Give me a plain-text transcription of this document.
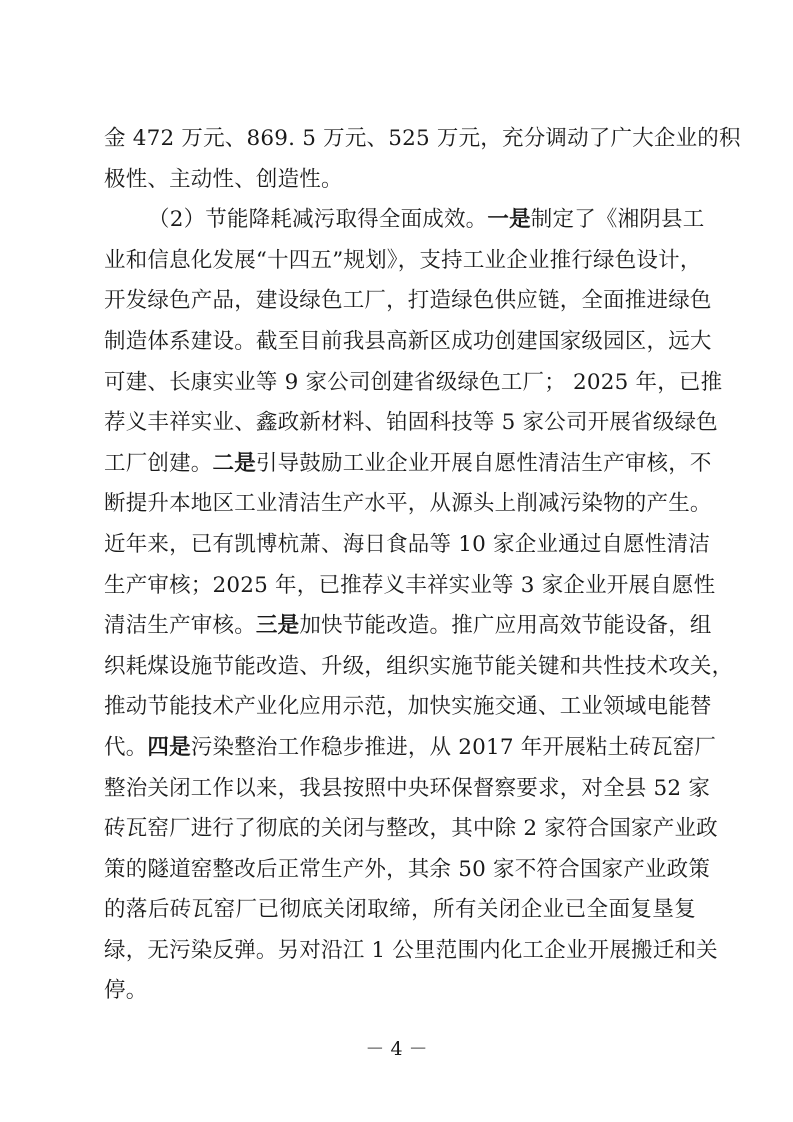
金 472 万元、869. 5 万元、525 万元，充分调动了广大企业的积
极性、主动性、创造性。
（2）节能降耗减污取得全面成效。一是制定了《湘阴县工
业和信息化发展“十四五”规划》，支持工业企业推行绿色设计，
开发绿色产品，建设绿色工厂，打造绿色供应链，全面推进绿色
制造体系建设。截至目前我县高新区成功创建国家级园区，远大
可建、长康实业等 9 家公司创建省级绿色工厂； 2025 年，已推
荐义丰祥实业、鑫政新材料、铂固科技等 5 家公司开展省级绿色
工厂创建。二是引导鼓励工业企业开展自愿性清洁生产审核，不
断提升本地区工业清洁生产水平，从源头上削减污染物的产生。
近年来，已有凯博杭萧、海日食品等 10 家企业通过自愿性清洁
生产审核；2025 年，已推荐义丰祥实业等 3 家企业开展自愿性
清洁生产审核。三是加快节能改造。推广应用高效节能设备，组
织耗煤设施节能改造、升级，组织实施节能关键和共性技术攻关，
推动节能技术产业化应用示范，加快实施交通、工业领域电能替
代。四是污染整治工作稳步推进，从 2017 年开展粘土砖瓦窑厂
整治关闭工作以来，我县按照中央环保督察要求，对全县 52 家
砖瓦窑厂进行了彻底的关闭与整改，其中除 2 家符合国家产业政
策的隧道窑整改后正常生产外，其余 50 家不符合国家产业政策
的落后砖瓦窑厂已彻底关闭取缔，所有关闭企业已全面复垦复
绿，无污染反弹。另对沿江 1 公里范围内化工企业开展搬迁和关
停。
－ 4 －
